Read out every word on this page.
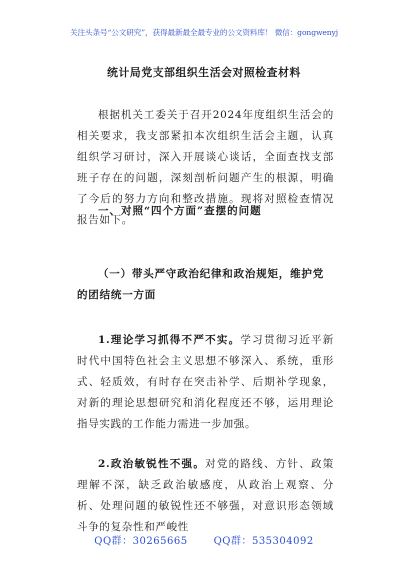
关注头条号“公文研究”，获得最新最全最专业的公文资料库！ 微信：gongwenyj
统计局党支部组织生活会对照检查材料

根据机关工委关于召开2024年度组织生活会的相关要求，我支部紧扣本次组织生活会主题，认真组织学习研讨，深入开展谈心谈话，全面查找支部班子存在的问题，深刻剖析问题产生的根源，明确了今后的努力方向和整改措施。现将对照检查情况报告如下。

一、对照“四个方面”查摆的问题
（一）带头严守政治纪律和政治规矩，维护党的团结统一方面

1.理论学习抓得不严不实。学习贯彻习近平新时代中国特色社会主义思想不够深入、系统，重形式、轻质效，有时存在突击补学、后期补学现象，对新的理论思想研究和消化程度还不够，运用理论指导实践的工作能力需进一步加强。

2.政治敏锐性不强。对党的路线、方针、政策理解不深，缺乏政治敏感度，从政治上观察、分析、处理问题的敏锐性还不够强，对意识形态领域斗争的复杂性和严峻性

QQ群：30265665	QQ群：535304092
